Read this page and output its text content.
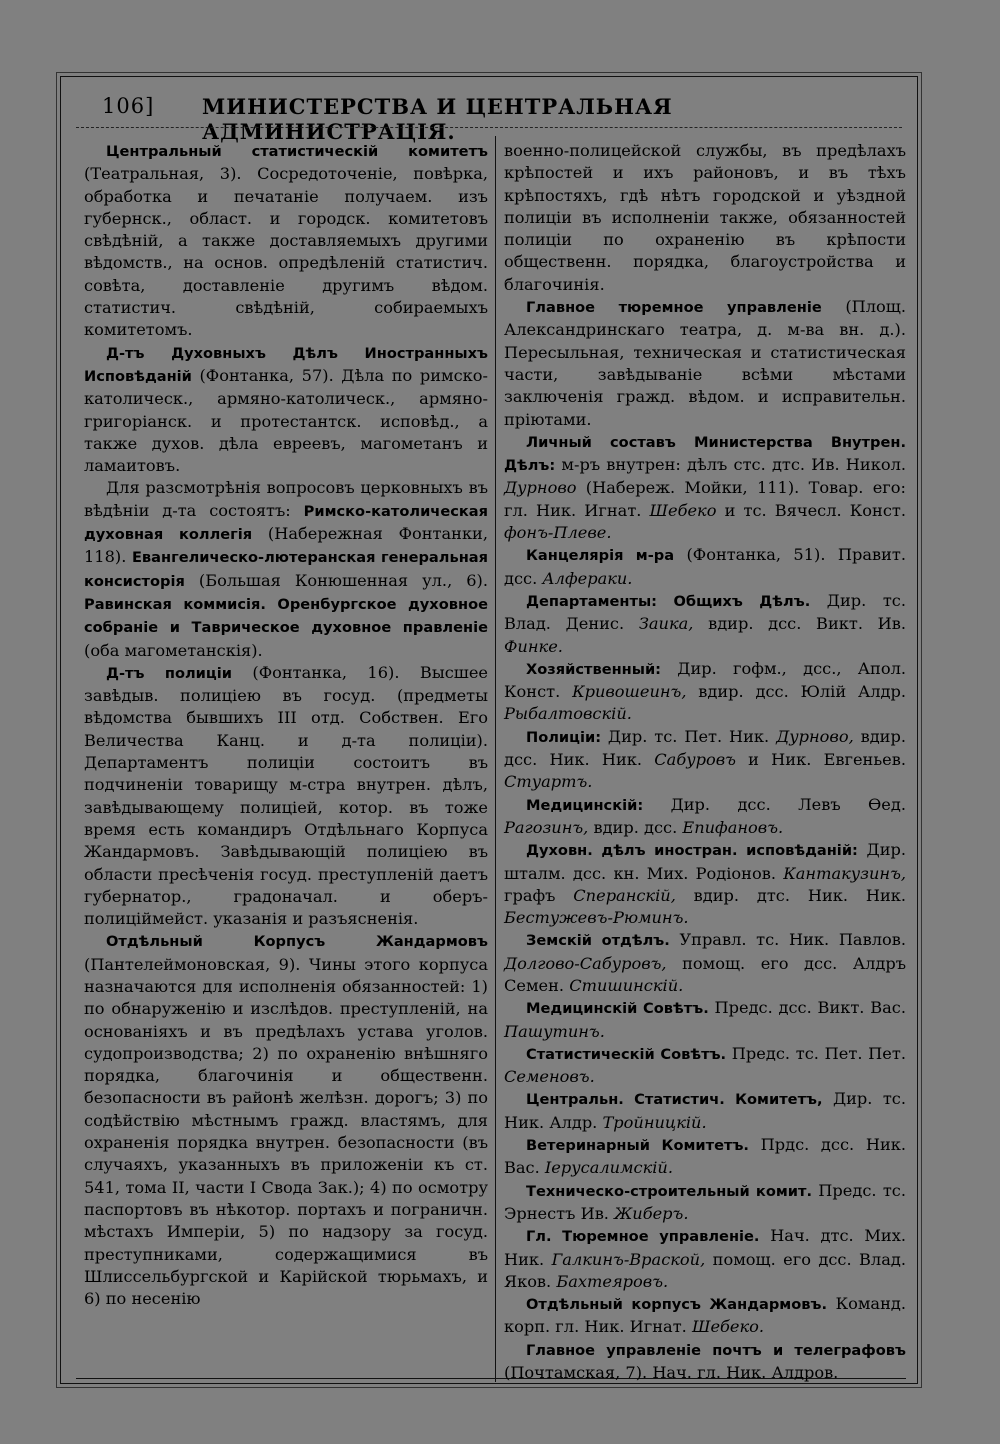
106] МИНИСТЕРСТВА И ЦЕНТРАЛЬНАЯ АДМИНИСТРАЦІЯ.

Центральный статистическій комитетъ (Театральная, 3). Сосредоточеніе, повѣрка, обработка и печатаніе получаем. изъ губернск., област. и городск. комитетовъ свѣдѣній, а также доставляемыхъ другими вѣдомств., на основ. опредѣленій статистич. совѣта, доставленіе другимъ вѣдом. статистич. свѣдѣній, собираемыхъ комитетомъ.

Д-тъ Духовныхъ Дѣлъ Иностранныхъ Исповѣданій (Фонтанка, 57). Дѣла по римско-католическ., армяно-католическ., армяно-григоріанск. и протестантск. исповѣд., а также духов. дѣла евреевъ, магометанъ и ламаитовъ.

Для разсмотрѣнія вопросовъ церковныхъ въ вѣдѣніи д-та состоятъ: Римско-католическая духовная коллегія (Набережная Фонтанки, 118). Евангелическо-лютеранская генеральная консисторія (Большая Конюшенная ул., 6). Равинская коммисія. Оренбургское духовное собраніе и Таврическое духовное правленіе (оба магометанскія).

Д-тъ полиціи (Фонтанка, 16). Высшее завѣдыв. полиціею въ госуд. (предметы вѣдомства бывшихъ III отд. Собствен. Его Величества Канц. и д-та полиціи). Департаментъ полиціи состоитъ въ подчиненіи товарищу м-стра внутрен. дѣлъ, завѣдывающему полиціей, котор. въ тоже время есть командиръ Отдѣльнаго Корпуса Жандармовъ. Завѣдывающій полиціею въ области пресѣченія госуд. преступленій даетъ губернатор., градоначал. и оберъ-полиціймейст. указанія и разъясненія.

Отдѣльный Корпусъ Жандармовъ (Пантелеймоновская, 9). Чины этого корпуса назначаются для исполненія обязанностей: 1) по обнаруженію и изслѣдов. преступленій, на основаніяхъ и въ предѣлахъ устава уголов. судопроизводства; 2) по охраненію внѣшняго порядка, благочинія и общественн. безопасности въ районѣ желѣзн. дорогъ; 3) по содѣйствію мѣстнымъ гражд. властямъ, для охраненія порядка внутрен. безопасности (въ случаяхъ, указанныхъ въ приложеніи къ ст. 541, тома II, части I Свода Зак.); 4) по осмотру паспортовъ въ нѣкотор. портахъ и пограничн. мѣстахъ Имперіи, 5) по надзору за госуд. преступниками, содержащимися въ Шлиссельбургской и Карійской тюрьмахъ, и 6) по несенію

военно-полицейской службы, въ предѣлахъ крѣпостей и ихъ районовъ, и въ тѣхъ крѣпостяхъ, гдѣ нѣтъ городской и уѣздной полиціи въ исполненіи также, обязанностей полиціи по охраненію въ крѣпости общественн. порядка, благоустройства и благочинія.

Главное тюремное управленіе (Площ. Александринскаго театра, д. м-ва вн. д.). Пересыльная, техническая и статистическая части, завѣдываніе всѣми мѣстами заключенія гражд. вѣдом. и исправительн. пріютами.

Личный составъ Министерства Внутрен. Дѣлъ: м-ръ внутрен: дѣлъ стс. дтс. Ив. Никол. Дурново (Набереж. Мойки, 111). Товар. его: гл. Ник. Игнат. Шебеко и тс. Вячесл. Конст. фонъ-Плеве.

Канцелярія м-ра (Фонтанка, 51). Правит. дсс. Алфераки.

Департаменты: Общихъ Дѣлъ. Дир. тс. Влад. Денис. Заика, вдир. дсс. Викт. Ив. Финке.

Хозяйственный: Дир. гофм., дсс., Апол. Конст. Кривошеинъ, вдир. дсс. Юлій Алдр. Рыбалтовскій.

Полиціи: Дир. тс. Пет. Ник. Дурново, вдир. дсс. Ник. Ник. Сабуровъ и Ник. Евгеньев. Стуартъ.

Медицинскій: Дир. дсс. Левъ Ѳед. Рагозинъ, вдир. дсс. Епифановъ.

Духовн. дѣлъ иностран. исповѣданій: Дир. шталм. дсс. кн. Мих. Родіонов. Кантакузинъ, графъ Сперанскій, вдир. дтс. Ник. Ник. Бестужевъ-Рюминъ.

Земскій отдѣлъ. Управл. тс. Ник. Павлов. Долгово-Сабуровъ, помощ. его дсс. Алдръ Семен. Стишинскій.

Медицинскій Совѣтъ. Предс. дсс. Викт. Вас. Пашутинъ.

Статистическій Совѣтъ. Предс. тс. Пет. Пет. Семеновъ.

Центральн. Статистич. Комитетъ, Дир. тс. Ник. Алдр. Тройницкій.

Ветеринарный Комитетъ. Прдс. дсс. Ник. Вас. Іерусалимскій.

Техническо-строительный комит. Предс. тс. Эрнестъ Ив. Жиберъ.

Гл. Тюремное управленіе. Нач. дтс. Мих. Ник. Галкинъ-Враской, помощ. его дсс. Влад. Яков. Бахтеяровъ.

Отдѣльный корпусъ Жандармовъ. Команд. корп. гл. Ник. Игнат. Шебеко.

Главное управленіе почтъ и телеграфовъ (Почтамская, 7). Нач. гл. Ник. Алдров.
